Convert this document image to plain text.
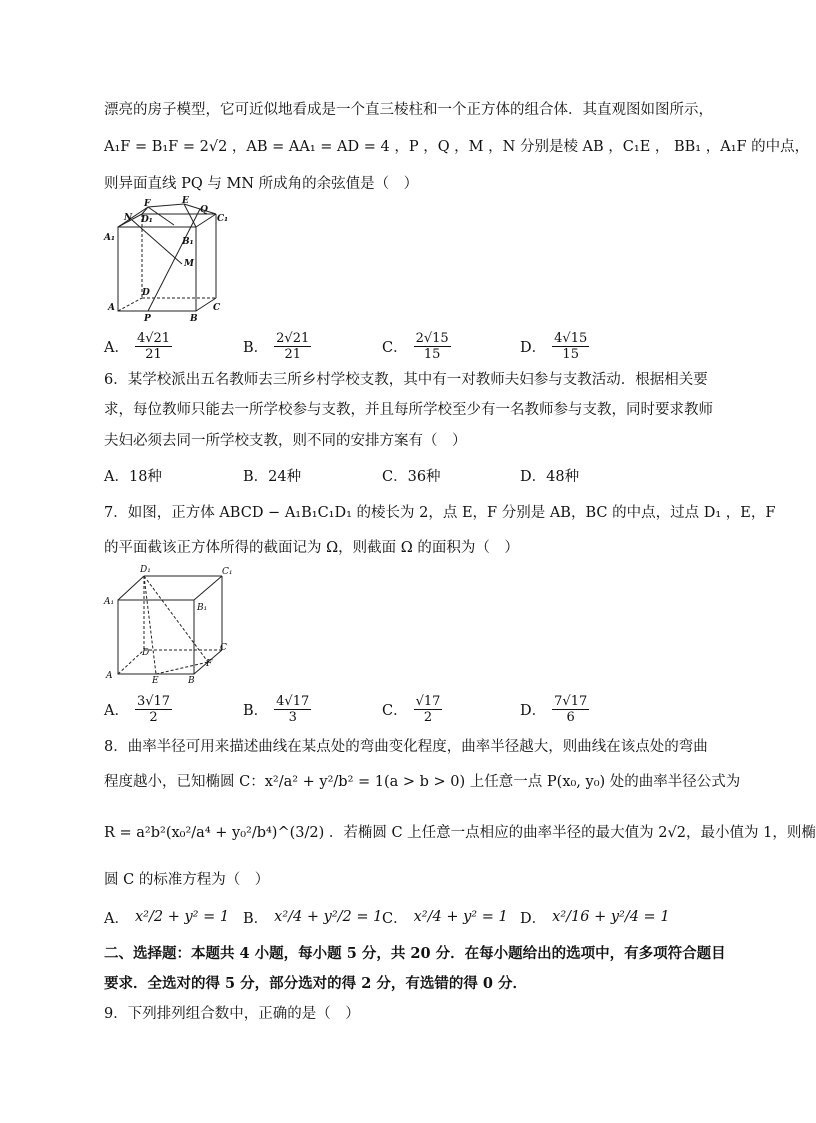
漂亮的房子模型，它可近似地看成是一个直三棱柱和一个正方体的组合体．其直观图如图所示，
A₁F = B₁F = 2√2 ，AB = AA₁ = AD = 4 ，P ，Q ，M ，N 分别是棱 AB ，C₁E ， BB₁ ，A₁F 的中点，
则异面直线 PQ 与 MN 所成角的余弦值是（　）
E
F
Q
N D₁	C₁
A₁	B₁
M
D
C
A
P	B
A． $\frac{4√21}{21}$	B． $\frac{2√21}{21}$	C． $\frac{2√15}{15}$	D． $\frac{4√15}{15}$
6．某学校派出五名教师去三所乡村学校支教，其中有一对教师夫妇参与支教活动．根据相关要
求，每位教师只能去一所学校参与支教，并且每所学校至少有一名教师参与支教，同时要求教师
夫妇必须去同一所学校支教，则不同的安排方案有（　）
A．18种	B．24种	C．36种	D．48种
7．如图，正方体 ABCD − A₁B₁C₁D₁ 的棱长为 2，点 E，F 分别是 AB，BC 的中点，过点 D₁ ，E，F
的平面截该正方体所得的截面记为 Ω，则截面 Ω 的面积为（　）
D₁	C₁
A₁
B₁
D	C
F
A	E	B
A． $\frac{3√17}{2}$	B． $\frac{4√17}{3}$	C． $\frac{√17}{2}$	D． $\frac{7√17}{6}$
8．曲率半径可用来描述曲线在某点处的弯曲变化程度，曲率半径越大，则曲线在该点处的弯曲
程度越小，已知椭圆 C：x²/a² + y²/b² = 1(a > b > 0) 上任意一点 P(x₀, y₀) 处的曲率半径公式为
R = a²b²(x₀²/a⁴ + y₀²/b⁴)^(3/2) ．若椭圆 C 上任意一点相应的曲率半径的最大值为 2√2，最小值为 1，则椭
圆 C 的标准方程为（　）
A． x²/2 + y² = 1 B． x²/4 + y²/2 = 1 C． x²/4 + y² = 1 D． x²/16 + y²/4 = 1
二、选择题：本题共 4 小题，每小题 5 分，共 20 分．在每小题给出的选项中，有多项符合题目
要求．全选对的得 5 分，部分选对的得 2 分，有选错的得 0 分．
9．下列排列组合数中，正确的是（　）
